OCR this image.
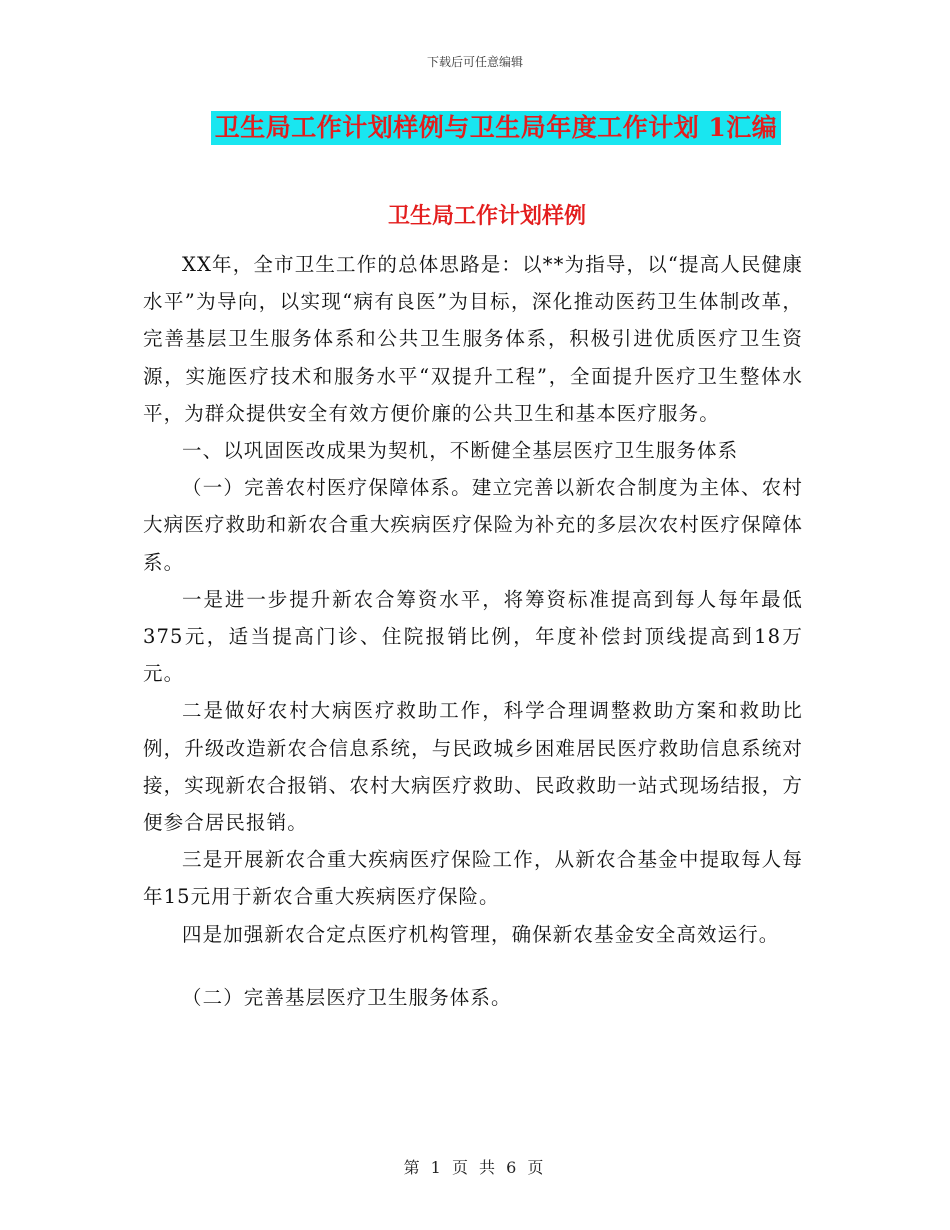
下载后可任意编辑
卫生局工作计划样例与卫生局年度工作计划 1汇编
卫生局工作计划样例

XX年，全市卫生工作的总体思路是：以**为指导，以“提高人民健康水平”为导向，以实现“病有良医”为目标，深化推动医药卫生体制改革，完善基层卫生服务体系和公共卫生服务体系，积极引进优质医疗卫生资源，实施医疗技术和服务水平“双提升工程”，全面提升医疗卫生整体水平，为群众提供安全有效方便价廉的公共卫生和基本医疗服务。

一、以巩固医改成果为契机，不断健全基层医疗卫生服务体系

（一）完善农村医疗保障体系。建立完善以新农合制度为主体、农村大病医疗救助和新农合重大疾病医疗保险为补充的多层次农村医疗保障体系。

一是进一步提升新农合筹资水平，将筹资标准提高到每人每年最低375元，适当提高门诊、住院报销比例，年度补偿封顶线提高到18万元。

二是做好农村大病医疗救助工作，科学合理调整救助方案和救助比例，升级改造新农合信息系统，与民政城乡困难居民医疗救助信息系统对接，实现新农合报销、农村大病医疗救助、民政救助一站式现场结报，方便参合居民报销。

三是开展新农合重大疾病医疗保险工作，从新农合基金中提取每人每年15元用于新农合重大疾病医疗保险。

四是加强新农合定点医疗机构管理，确保新农基金安全高效运行。

（二）完善基层医疗卫生服务体系。

第 1 页 共 6 页
